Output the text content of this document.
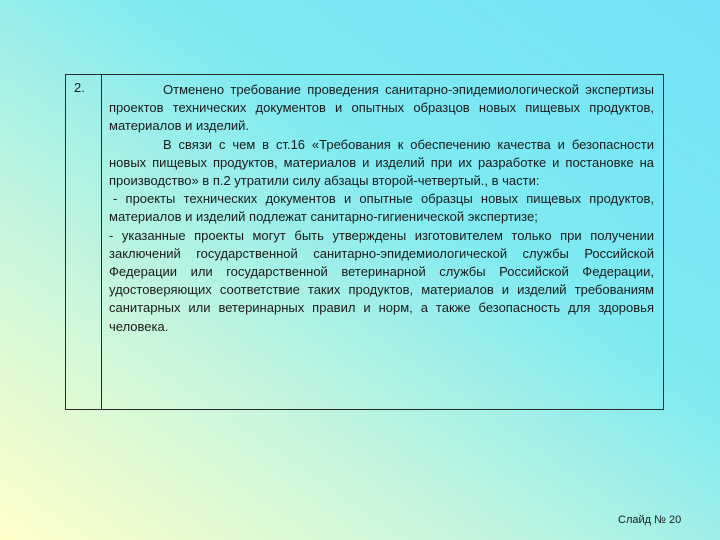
2.	Отменено требование проведения санитарно-эпидемиологической экспертизы проектов технических документов и опытных образцов новых пищевых продуктов, материалов и изделий.

В связи с чем в ст.16 «Требования к обеспечению качества и безопасности новых пищевых продуктов, материалов и изделий при их разработке и постановке на производство» в п.2 утратили силу абзацы второй-четвертый., в части:

- проекты технических документов и опытные образцы новых пищевых продуктов, материалов и изделий подлежат санитарно-гигиенической экспертизе;

- указанные проекты могут быть утверждены изготовителем только при получении заключений государственной санитарно-эпидемиологической службы Российской Федерации или государственной ветеринарной службы Российской Федерации, удостоверяющих соответствие таких продуктов, материалов и изделий требованиям санитарных или ветеринарных правил и норм, а также безопасность для здоровья человека.

Слайд № 20
